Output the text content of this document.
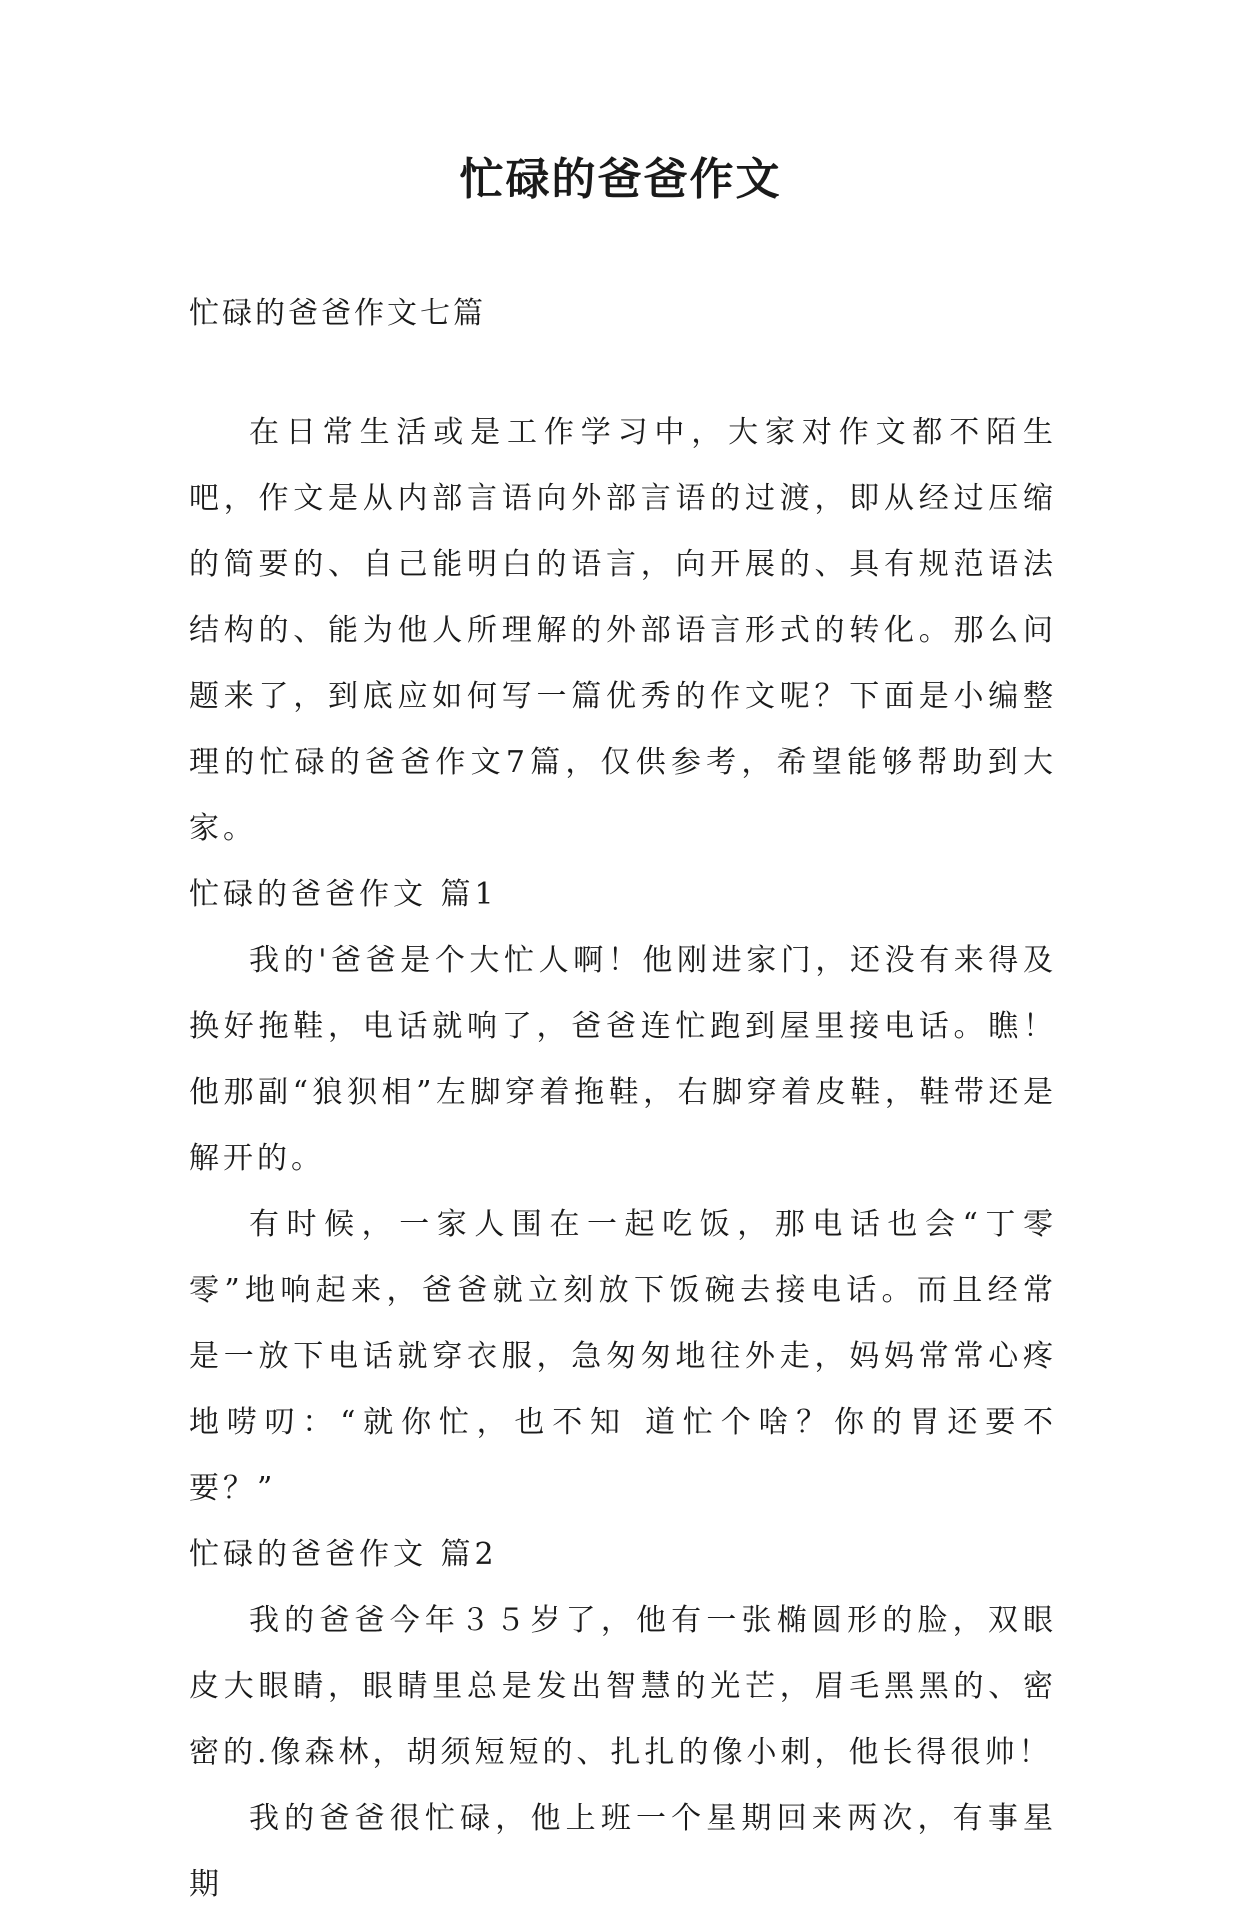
忙碌的爸爸作文

忙碌的爸爸作文七篇

在日常生活或是工作学习中，大家对作文都不陌生吧，作文是从内部言语向外部言语的过渡，即从经过压缩的简要的、自己能明白的语言，向开展的、具有规范语法结构的、能为他人所理解的外部语言形式的转化。那么问题来了，到底应如何写一篇优秀的作文呢？下面是小编整理的忙碌的爸爸作文7篇，仅供参考，希望能够帮助到大家。

忙碌的爸爸作文 篇1

我的'爸爸是个大忙人啊！他刚进家门，还没有来得及换好拖鞋，电话就响了，爸爸连忙跑到屋里接电话。瞧！他那副“狼狈相”左脚穿着拖鞋，右脚穿着皮鞋，鞋带还是解开的。

有时候，一家人围在一起吃饭，那电话也会“丁零零”地响起来，爸爸就立刻放下饭碗去接电话。而且经常是一放下电话就穿衣服，急匆匆地往外走，妈妈常常心疼地唠叨：“就你忙，也不知 道忙个啥？你的胃还要不要？”

忙碌的爸爸作文 篇2

我的爸爸今年３５岁了，他有一张椭圆形的脸，双眼皮大眼睛，眼睛里总是发出智慧的光芒，眉毛黑黑的、密密的.像森林，胡须短短的、扎扎的像小刺，他长得很帅！

我的爸爸很忙碌，他上班一个星期回来两次，有事星期
